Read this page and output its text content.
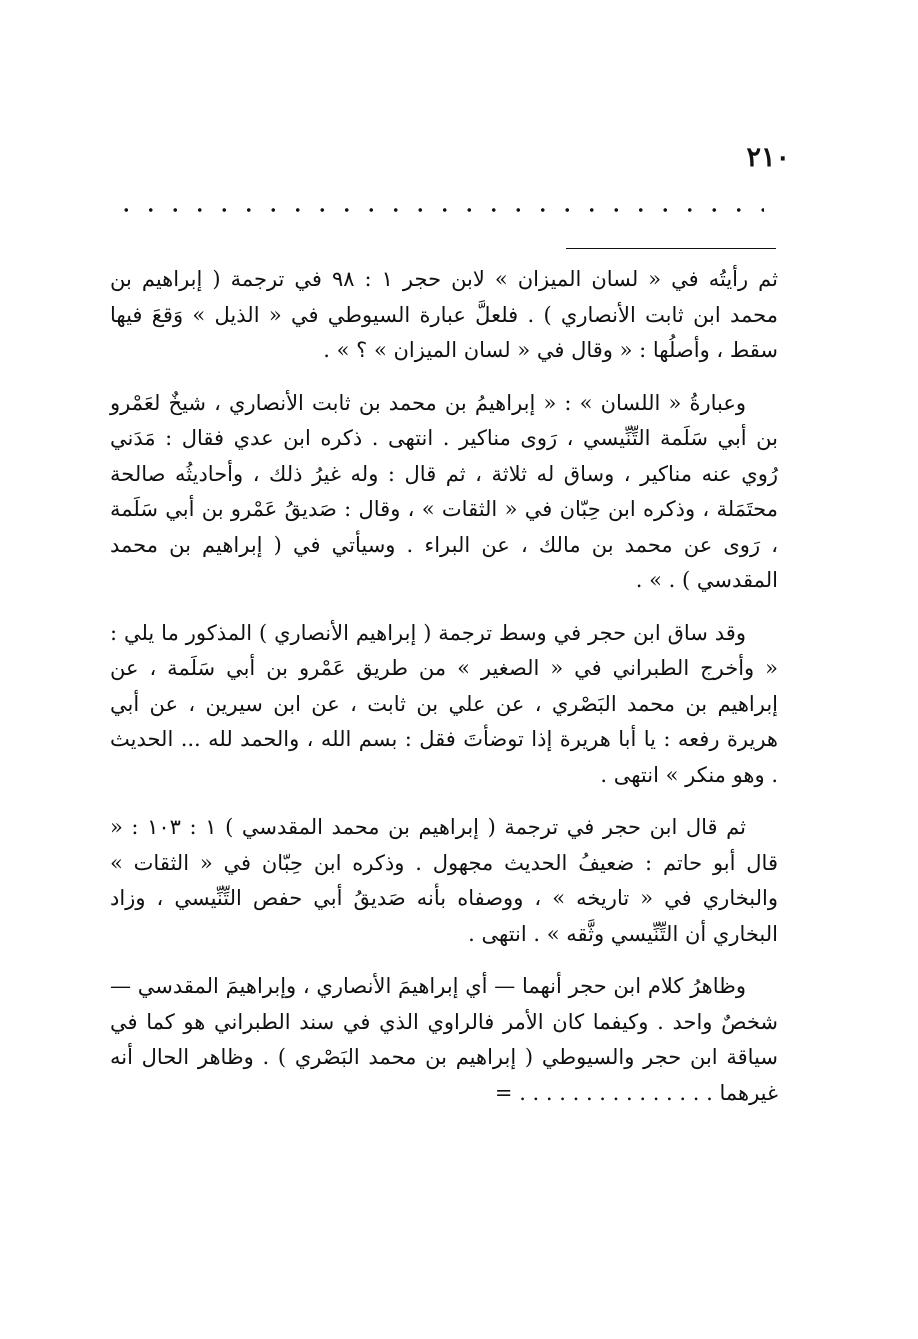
٢١٠

ثم رأيتُه في « لسان الميزان » لابن حجر ١ : ٩٨ في ترجمة ( إبراهيم بن محمد ابن ثابت الأنصاري ) . فلعلَّ عبارة السيوطي في « الذيل » وَقعَ فيها سقط ، وأصلُها : « وقال في « لسان الميزان » ؟ » .

وعبارةُ « اللسان » : « إبراهيمُ بن محمد بن ثابت الأنصاري ، شيخٌ لعَمْرو بن أبي سَلَمة التِّنِّيسي ، رَوى مناكير . انتهى . ذكره ابن عدي فقال : مَدَني رُوي عنه مناكير ، وساق له ثلاثة ، ثم قال : وله غيرُ ذلك ، وأحاديثُه صالحة محتَمَلة ، وذكره ابن حِبّان في « الثقات » ، وقال : صَديقُ عَمْرو بن أبي سَلَمة ، رَوى عن محمد بن مالك ، عن البراء . وسيأتي في ( إبراهيم بن محمد المقدسي ) . » .

وقد ساق ابن حجر في وسط ترجمة ( إبراهيم الأنصاري ) المذكور ما يلي : « وأخرج الطبراني في « الصغير » من طريق عَمْرو بن أبي سَلَمة ، عن إبراهيم بن محمد البَصْري ، عن علي بن ثابت ، عن ابن سيرين ، عن أبي هريرة رفعه : يا أبا هريرة إذا توضأتَ فقل : بسم الله ، والحمد لله ... الحديث . وهو منكر » انتهى .

ثم قال ابن حجر في ترجمة ( إبراهيم بن محمد المقدسي ) ١ : ١٠٣ : « قال أبو حاتم : ضعيفُ الحديث مجهول . وذكره ابن حِبّان في « الثقات » والبخاري في « تاريخه » ، ووصفاه بأنه صَديقُ أبي حفص التِّنِّيسي ، وزاد البخاري أن التِّنِّيسي وثَّقه » . انتهى .

وظاهرُ كلام ابن حجر أنهما — أي إبراهيمَ الأنصاري ، وإبراهيمَ المقدسي — شخصٌ واحد . وكيفما كان الأمر فالراوي الذي في سند الطبراني هو كما في سياقة ابن حجر والسيوطي ( إبراهيم بن محمد البَصْري ) . وظاهر الحال أنه غيرهما . . . . . . . . . . . . . . . =
